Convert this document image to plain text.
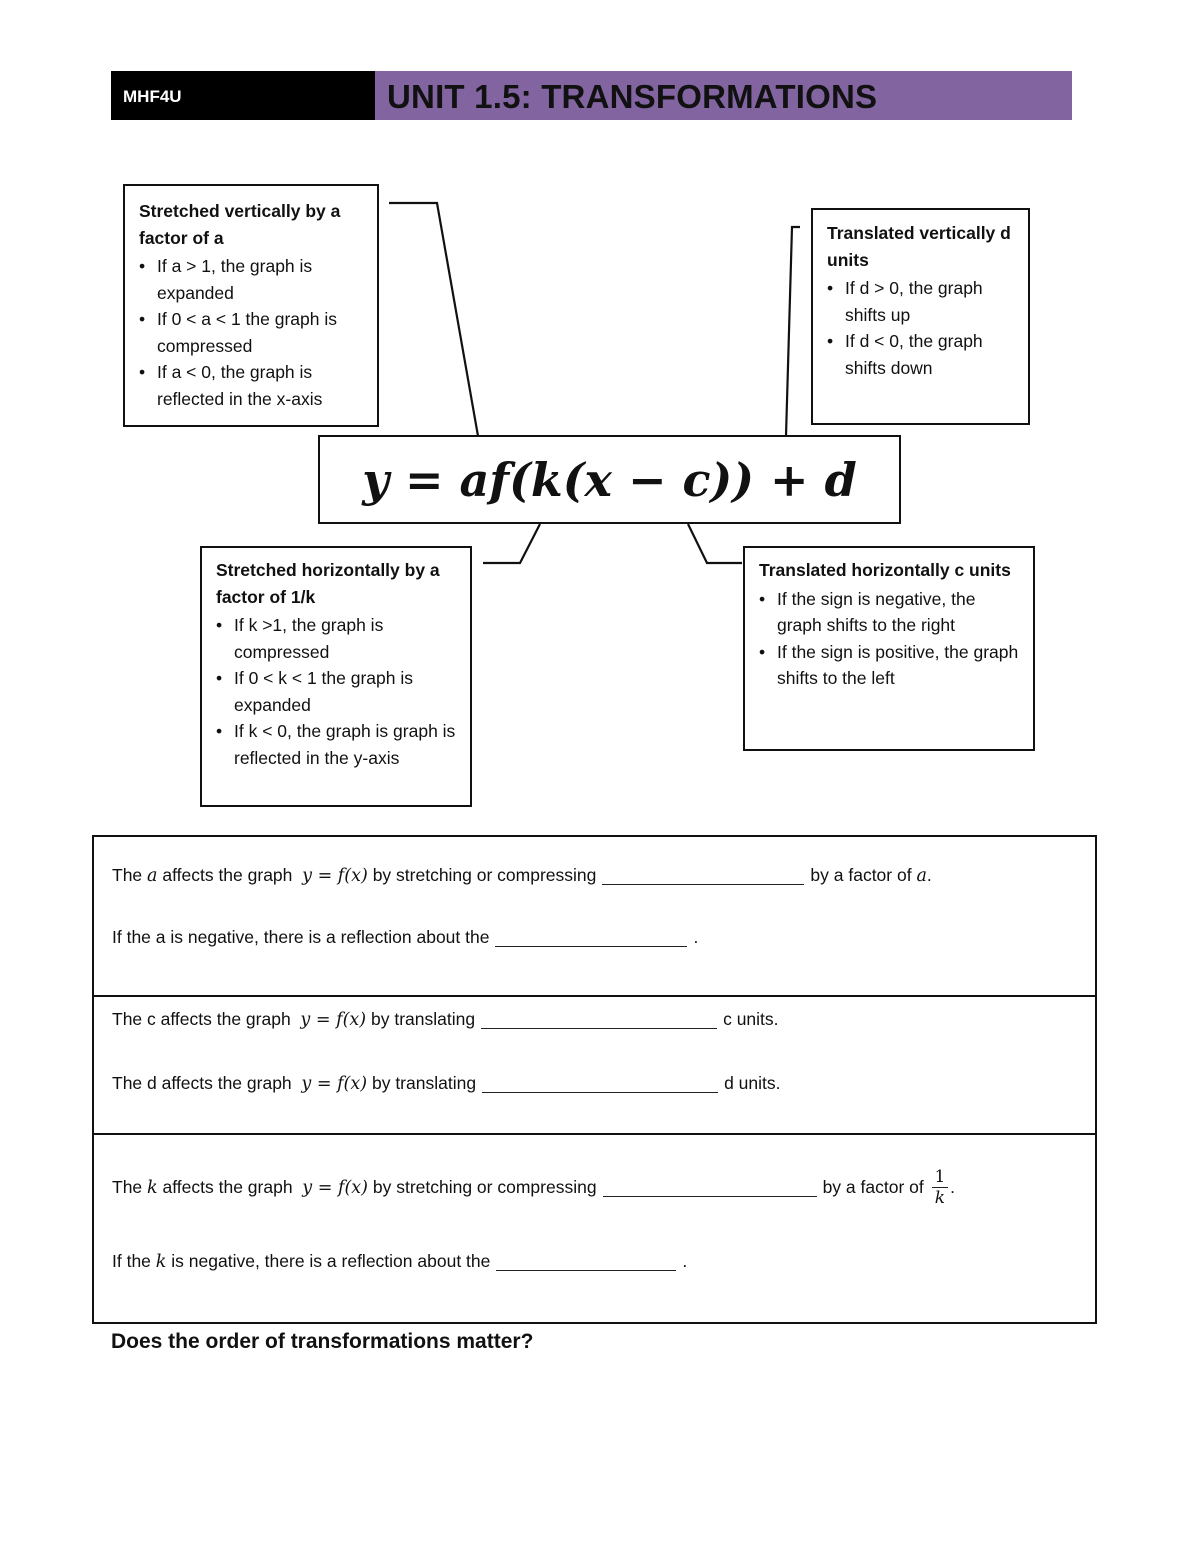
MHF4U	UNIT 1.5: TRANSFORMATIONS
Stretched vertically by a factor of a
• If a > 1, the graph is expanded
• If 0 < a < 1 the graph is compressed
• If a < 0, the graph is reflected in the x-axis
Translated vertically d units
• If d > 0, the graph shifts up
• If d < 0, the graph shifts down
y = af(k(x − c)) + d
Stretched horizontally by a factor of 1/k
• If k >1, the graph is compressed
• If 0 < k < 1 the graph is expanded
• If k < 0, the graph is graph is reflected in the y-axis
Translated horizontally c units
• If the sign is negative, the graph shifts to the right
• If the sign is positive, the graph shifts to the left
The
a
affects the graph
y = f(x)
by stretching or compressing	by a factor of
a .
If the a is negative, there is a reflection about the	.
The c affects the graph
y = f(x)
by translating	c units.
The d affects the graph
y = f(x)
by translating	d units.
The
k
affects the graph
y = f(x)
by stretching or compressing	by a factor of $\frac{1}{k}$ .
If the
k
is negative, there is a reflection about the	.
Does the order of transformations matter?
